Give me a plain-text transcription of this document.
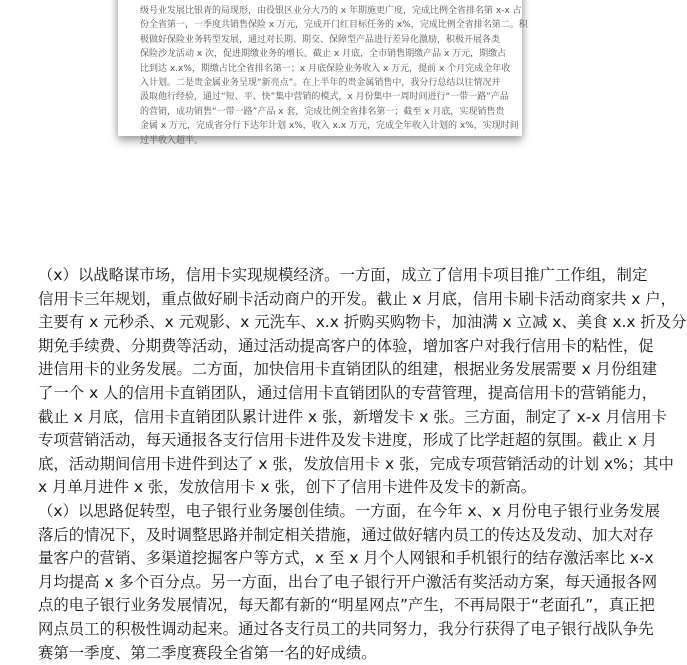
级号业发展比银青的局现形，由役银区业分大乃的 x 年期施更广度，完成比例全省排名第 x-x 占
份全省第一，一季度共销售保险 x 万元，完成开门红目标任务的 x%，完成比例全省排名第二。积
极做好保险业务转型发展，通过对长期、期交、保障型产品进行差异化激励，积极开展各类
保险沙龙活动 x 次，促进期缴业务的增长。截止 x 月底，全市销售期缴产品 x 万元，期缴占
比到达 x.x%，期缴占比全省排名第一；x 月底保险业务收入 x 万元，提前 x 个月完成全年收
入计划。二是贵金属业务呈现“新亮点”。在上半年的贵金属销售中，我分行总结以往情况并
汲取他行经验，通过“短、平、快”集中营销的模式，x 月份集中一周时间进行“一带一路”产品
的营销，成功销售“一带一路”产品 x 套，完成比例全省排名第一；截至 x 月底，实现销售贵
金属 x 万元，完成省分行下达年计划 x%，收入 x.x 万元，完成全年收入计划的 x%，实现时间
过半收入超半。
（x）以战略谋市场，信用卡实现规模经济。一方面，成立了信用卡项目推广工作组，制定
信用卡三年规划，重点做好刷卡活动商户的开发。截止 x 月底，信用卡刷卡活动商家共 x 户，
主要有 x 元秒杀、x 元观影、x 元洗车、x.x 折购买购物卡，加油满 x 立减 x、美食 x.x 折及分
期免手续费、分期费等活动，通过活动提高客户的体验，增加客户对我行信用卡的粘性，促
进信用卡的业务发展。二方面，加快信用卡直销团队的组建，根据业务发展需要 x 月份组建
了一个 x 人的信用卡直销团队，通过信用卡直销团队的专营管理，提高信用卡的营销能力，
截止 x 月底，信用卡直销团队累计进件 x 张，新增发卡 x 张。三方面，制定了 x-x 月信用卡
专项营销活动，每天通报各支行信用卡进件及发卡进度，形成了比学赶超的氛围。截止 x 月
底，活动期间信用卡进件到达了 x 张，发放信用卡 x 张，完成专项营销活动的计划 x%；其中
x 月单月进件 x 张，发放信用卡 x 张，创下了信用卡进件及发卡的新高。
（x）以思路促转型，电子银行业务屡创佳绩。一方面，在今年 x、x 月份电子银行业务发展
落后的情况下，及时调整思路并制定相关措施，通过做好辖内员工的传达及发动、加大对存
量客户的营销、多渠道挖掘客户等方式，x 至 x 月个人网银和手机银行的结存激活率比 x-x
月均提高 x 多个百分点。另一方面，出台了电子银行开户激活有奖活动方案，每天通报各网
点的电子银行业务发展情况，每天都有新的“明星网点”产生，不再局限于“老面孔”，真正把
网点员工的积极性调动起来。通过各支行员工的共同努力，我分行获得了电子银行战队争先
赛第一季度、第二季度赛段全省第一名的好成绩。
